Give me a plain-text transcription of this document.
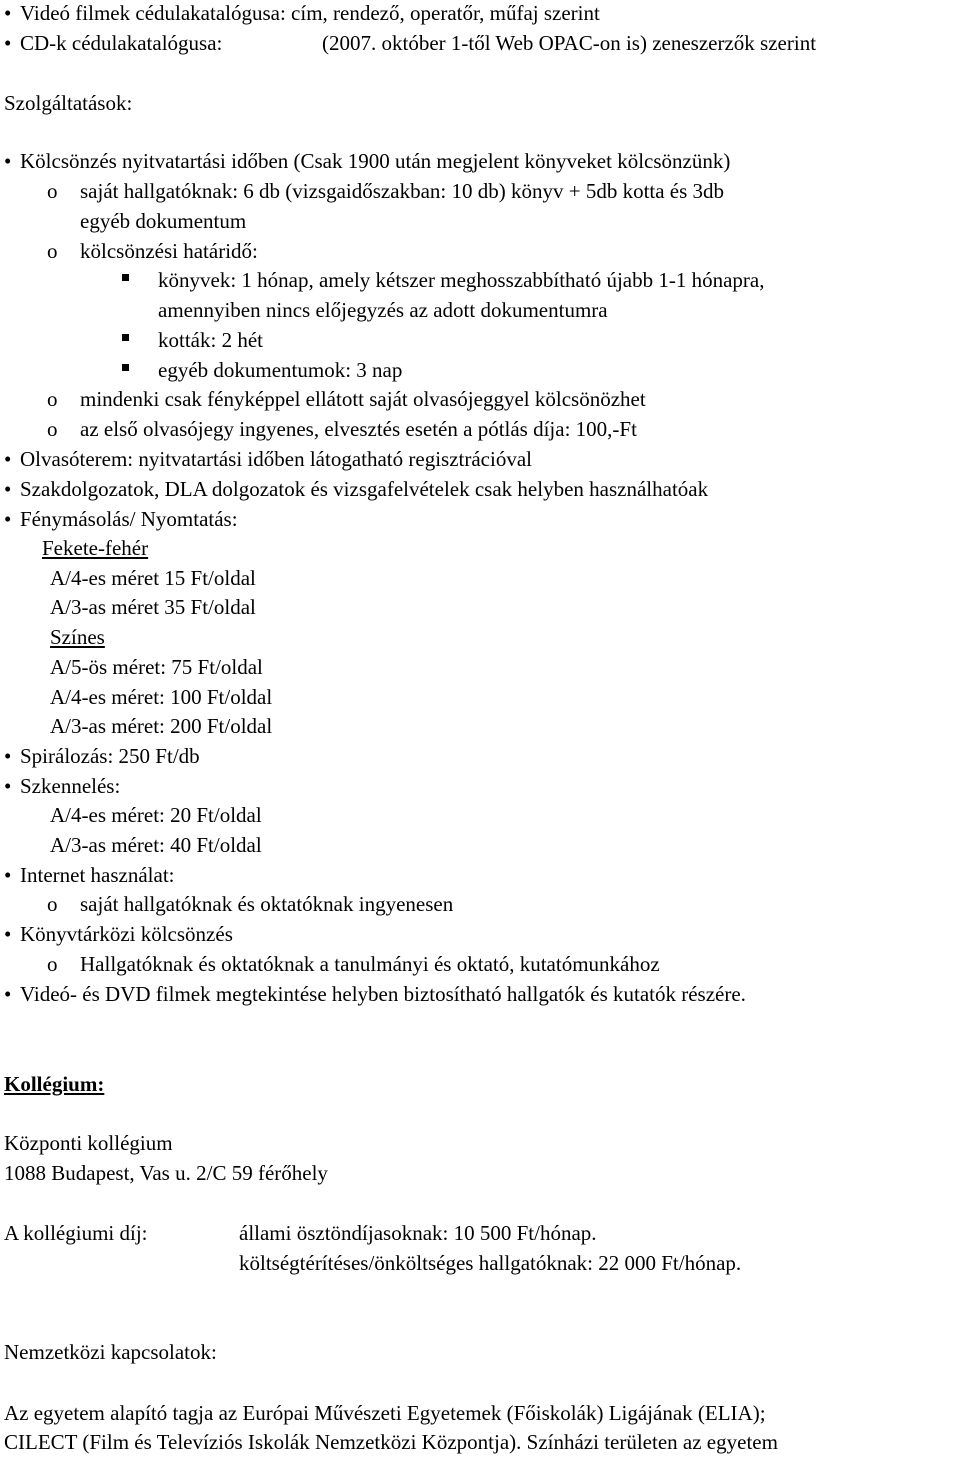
• Videó filmek cédulakatalógusa: cím, rendező, operatőr, műfaj szerint
• CD-k cédulakatalógusa:	(2007. október 1-től Web OPAC-on is) zeneszerzők szerint
Szolgáltatások:
• Kölcsönzés nyitvatartási időben (Csak 1900 után megjelent könyveket kölcsönzünk)
o saját hallgatóknak: 6 db (vizsgaidőszakban: 10 db) könyv + 5db kotta és 3db
egyéb dokumentum
o kölcsönzési határidő:
könyvek: 1 hónap, amely kétszer meghosszabbítható újabb 1-1 hónapra,
amennyiben nincs előjegyzés az adott dokumentumra
kották: 2 hét
egyéb dokumentumok: 3 nap
o mindenki csak fényképpel ellátott saját olvasójeggyel kölcsönözhet
o az első olvasójegy ingyenes, elvesztés esetén a pótlás díja: 100,-Ft
• Olvasóterem: nyitvatartási időben látogatható regisztrációval
• Szakdolgozatok, DLA dolgozatok és vizsgafelvételek csak helyben használhatóak
• Fénymásolás/ Nyomtatás:
Fekete-fehér
A/4-es méret 15 Ft/oldal
A/3-as méret 35 Ft/oldal
Színes
A/5-ös méret: 75 Ft/oldal
A/4-es méret: 100 Ft/oldal
A/3-as méret: 200 Ft/oldal
• Spirálozás: 250 Ft/db
• Szkennelés:
A/4-es méret: 20 Ft/oldal
A/3-as méret: 40 Ft/oldal
• Internet használat:
o saját hallgatóknak és oktatóknak ingyenesen
• Könyvtárközi kölcsönzés
o Hallgatóknak és oktatóknak a tanulmányi és oktató, kutatómunkához
• Videó- és DVD filmek megtekintése helyben biztosítható hallgatók és kutatók részére.
Kollégium:
Központi kollégium
1088 Budapest, Vas u. 2/C 59 férőhely
A kollégiumi díj:	állami ösztöndíjasoknak: 10 500 Ft/hónap.
költségtérítéses/önköltséges hallgatóknak: 22 000 Ft/hónap.
Nemzetközi kapcsolatok:
Az egyetem alapító tagja az Európai Művészeti Egyetemek (Főiskolák) Ligájának (ELIA);
CILECT (Film és Televíziós Iskolák Nemzetközi Központja). Színházi területen az egyetem
